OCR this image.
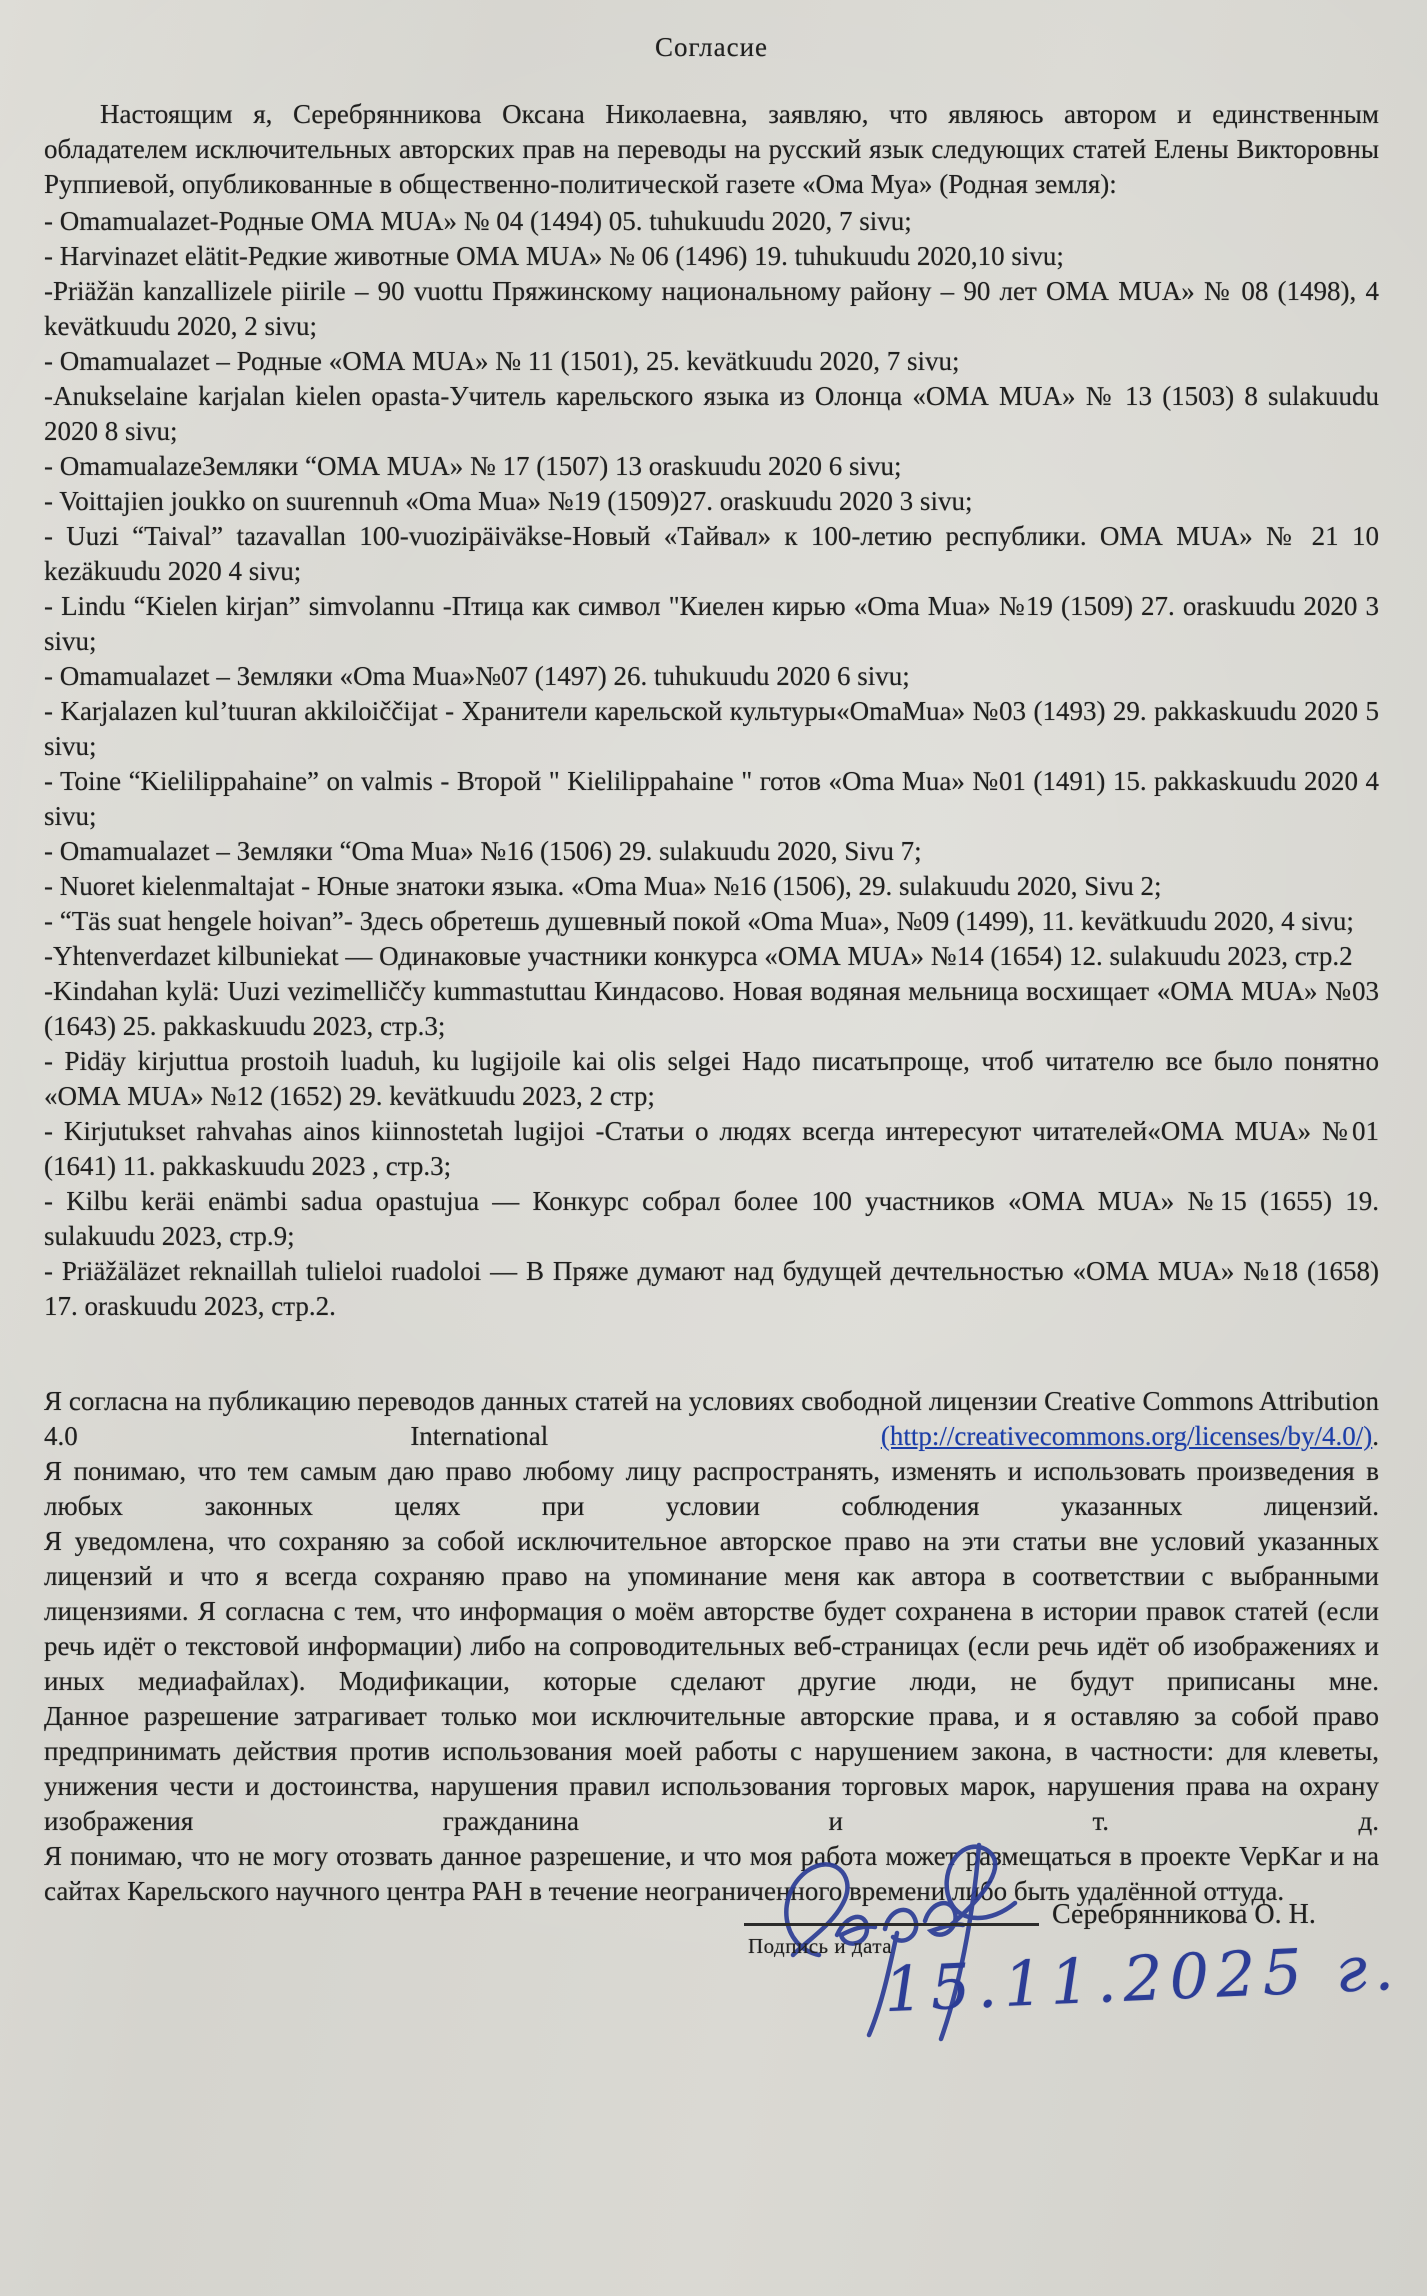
Согласие

Настоящим я, Серебрянникова Оксана Николаевна, заявляю, что являюсь автором и единственным обладателем исключительных авторских прав на переводы на русский язык следующих статей Елены Викторовны Руппиевой, опубликованные в общественно-политической газете «Ома Муа» (Родная земля):

- Omamualazet-Родные ОМА MUA» № 04 (1494) 05. tuhukuudu 2020, 7 sivu;
- Harvinazet elätit-Редкие животные ОМА MUA» № 06 (1496) 19. tuhukuudu 2020,10 sivu;
-Priäžän kanzallizele piirile – 90 vuottu Пряжинскому национальному району – 90 лет ОМА MUA» № 08 (1498), 4 kevätkuudu 2020, 2 sivu;
- Omamualazet – Родные «ОМА MUA» № 11 (1501), 25. kevätkuudu 2020, 7 sivu;
-Anukselaine karjalan kielen opasta-Учитель карельского языка из Олонца «ОМА MUA» № 13 (1503) 8 sulakuudu 2020 8 sivu;
- OmamualazeЗемляки “ОМА MUA» № 17 (1507) 13 oraskuudu 2020 6 sivu;
- Voittajien joukko on suurennuh «Oma Mua» №19 (1509)27. oraskuudu 2020 3 sivu;
- Uuzi “Taival” tazavallan 100-vuozipäiväkse-Новый «Тайвал» к 100-летию республики. ОМА MUA» № 21 10 kezäkuudu 2020 4 sivu;
- Lindu “Kielen kirjan” simvolannu -Птица как символ "Киелен кирью «Oma Mua» №19 (1509) 27. oraskuudu 2020 3 sivu;
- Omamualazet – Земляки «Oma Mua»№07 (1497) 26. tuhukuudu 2020 6 sivu;
- Karjalazen kul’tuuran akkiloiččijat - Хранители карельской культуры«OmaMua» №03 (1493) 29. pakkaskuudu 2020 5 sivu;
- Toine “Kielilippahaine” on valmis - Второй " Kielilippahaine " готов «Oma Mua» №01 (1491) 15. pakkaskuudu 2020 4 sivu;
- Omamualazet – Земляки “Oma Mua» №16 (1506) 29. sulakuudu 2020, Sivu 7;
- Nuoret kielenmaltajat - Юные знатоки языка. «Oma Mua» №16 (1506), 29. sulakuudu 2020, Sivu 2;
- “Täs suat hengele hoivan”- Здесь обретешь душевный покой «Oma Mua», №09 (1499), 11. kevätkuudu 2020, 4 sivu;
-Yhtenverdazet kilbuniekat — Одинаковые участники конкурса «ОМА MUA» №14 (1654) 12. sulakuudu 2023, стр.2
-Kindahan kylä: Uuzi vezimelliččy kummastuttau Киндасово. Новая водяная мельница восхищает «ОМА MUA» №03 (1643) 25. pakkaskuudu 2023, стр.3;
- Pidäy kirjuttua prostoih luaduh, ku lugijoile kai olis selgei Надо писатьпроще, чтоб читателю все было понятно «ОМА MUA» №12 (1652) 29. kevätkuudu 2023, 2 стр;
- Kirjutukset rahvahas ainos kiinnostetah lugijoi -Статьи о людях всегда интересуют читателей«ОМА MUA» №01 (1641) 11. pakkaskuudu 2023 , стр.3;
- Kilbu keräi enämbi sadua opastujua — Конкурс собрал более 100 участников «ОМА MUA» №15 (1655) 19. sulakuudu 2023, стр.9;
- Priäžäläzet reknaillah tulieloi ruadoloi — В Пряже думают над будущей дечтельностью «ОМА MUA» №18 (1658) 17. oraskuudu 2023, стр.2.
Я согласна на публикацию переводов данных статей на условиях свободной лицензии Creative Commons Attribution 4.0 International (http://creativecommons.org/licenses/by/4.0/).
Я понимаю, что тем самым даю право любому лицу распространять, изменять и использовать произведения в любых законных целях при условии соблюдения указанных лицензий.
Я уведомлена, что сохраняю за собой исключительное авторское право на эти статьи вне условий указанных лицензий и что я всегда сохраняю право на упоминание меня как автора в соответствии с выбранными лицензиями. Я согласна с тем, что информация о моём авторстве будет сохранена в истории правок статей (если речь идёт о текстовой информации) либо на сопроводительных веб-страницах (если речь идёт об изображениях и иных медиафайлах). Модификации, которые сделают другие люди, не будут приписаны мне.
Данное разрешение затрагивает только мои исключительные авторские права, и я оставляю за собой право предпринимать действия против использования моей работы с нарушением закона, в частности: для клеветы, унижения чести и достоинства, нарушения правил использования торговых марок, нарушения права на охрану изображения гражданина и т. д.
Я понимаю, что не могу отозвать данное разрешение, и что моя работа может размещаться в проекте VepKar и на сайтах Карельского научного центра РАН в течение неограниченного времени либо быть удалённой оттуда.
Серебрянникова О. Н.
Подпись и дата
15.11.2025 г.
